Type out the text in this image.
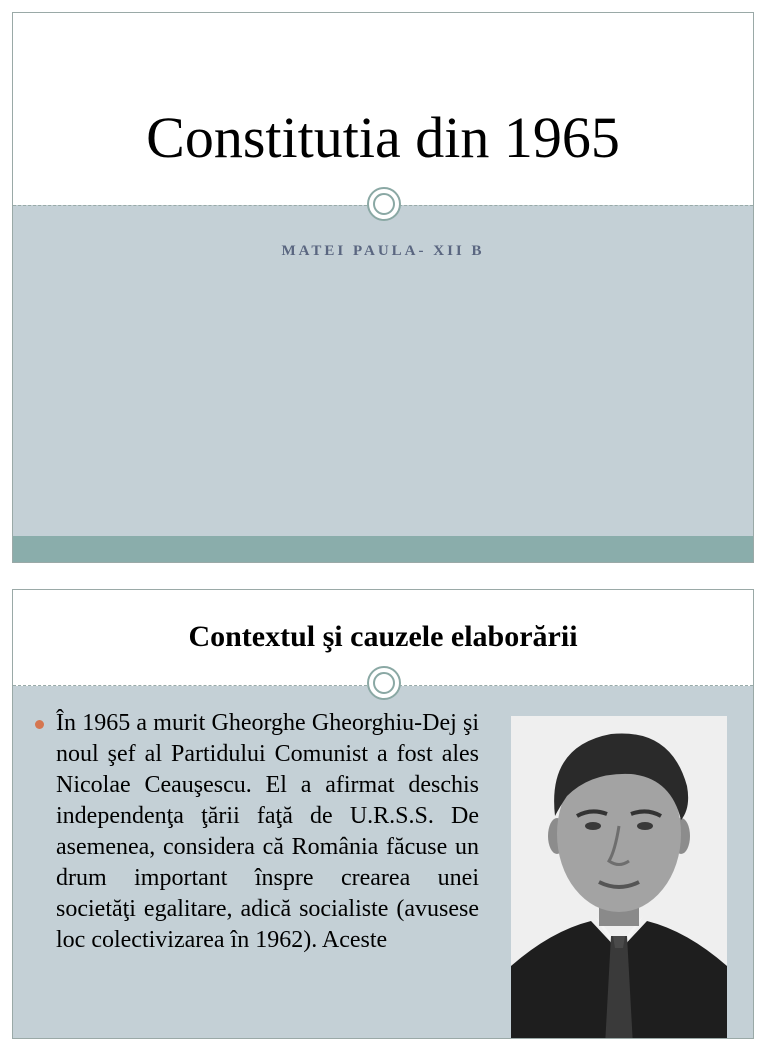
Constitutia din 1965
MATEI PAULA- XII B
Contextul şi cauzele elaborării

În 1965 a murit Gheorghe Gheorghiu-Dej şi noul şef al Partidului Comunist a fost ales Nicolae Ceauşescu. El a afirmat deschis independenţa ţării faţă de U.R.S.S. De asemenea, considera că România făcuse un drum important înspre crearea unei societăţi egalitare, adică socialiste (avusese loc colectivizarea în 1962). Aceste
